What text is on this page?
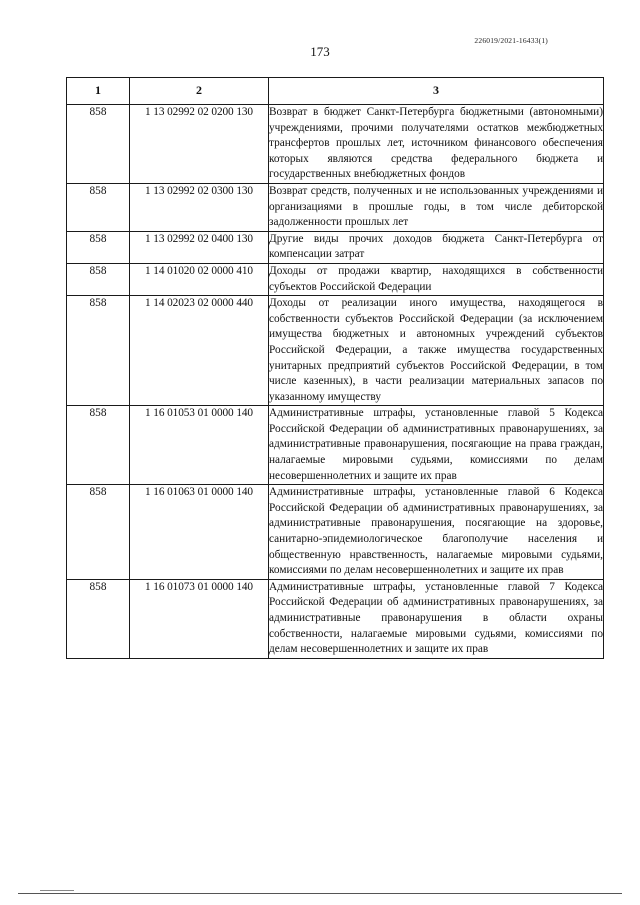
226019/2021-16433(1)
173
1	2	3
858	1 13 02992 02 0200 130	Возврат в бюджет Санкт-Петербурга бюджетными (автономными) учреждениями, прочими получателями остатков межбюджетных трансфертов прошлых лет, источником финансового обеспечения которых являются средства федерального бюджета и государственных внебюджетных фондов
858	1 13 02992 02 0300 130	Возврат средств, полученных и не использованных учреждениями и организациями в прошлые годы, в том числе дебиторской задолженности прошлых лет
858	1 13 02992 02 0400 130	Другие виды прочих доходов бюджета Санкт-Петербурга от компенсации затрат
858	1 14 01020 02 0000 410	Доходы от продажи квартир, находящихся в собственности субъектов Российской Федерации
858	1 14 02023 02 0000 440	Доходы от реализации иного имущества, находящегося в собственности субъектов Российской Федерации (за исключением имущества бюджетных и автономных учреждений субъектов Российской Федерации, а также имущества государственных унитарных предприятий субъектов Российской Федерации, в том числе казенных), в части реализации материальных запасов по указанному имуществу
858	1 16 01053 01 0000 140	Административные штрафы, установленные главой 5 Кодекса Российской Федерации об административных правонарушениях, за административные правонарушения, посягающие на права граждан, налагаемые мировыми судьями, комиссиями по делам несовершеннолетних и защите их прав
858	1 16 01063 01 0000 140	Административные штрафы, установленные главой 6 Кодекса Российской Федерации об административных правонарушениях, за административные правонарушения, посягающие на здоровье, санитарно-эпидемиологическое благополучие населения и общественную нравственность, налагаемые мировыми судьями, комиссиями по делам несовершеннолетних и защите их прав
858	1 16 01073 01 0000 140	Административные штрафы, установленные главой 7 Кодекса Российской Федерации об административных правонарушениях, за административные правонарушения в области охраны собственности, налагаемые мировыми судьями, комиссиями по делам несовершеннолетних и защите их прав
